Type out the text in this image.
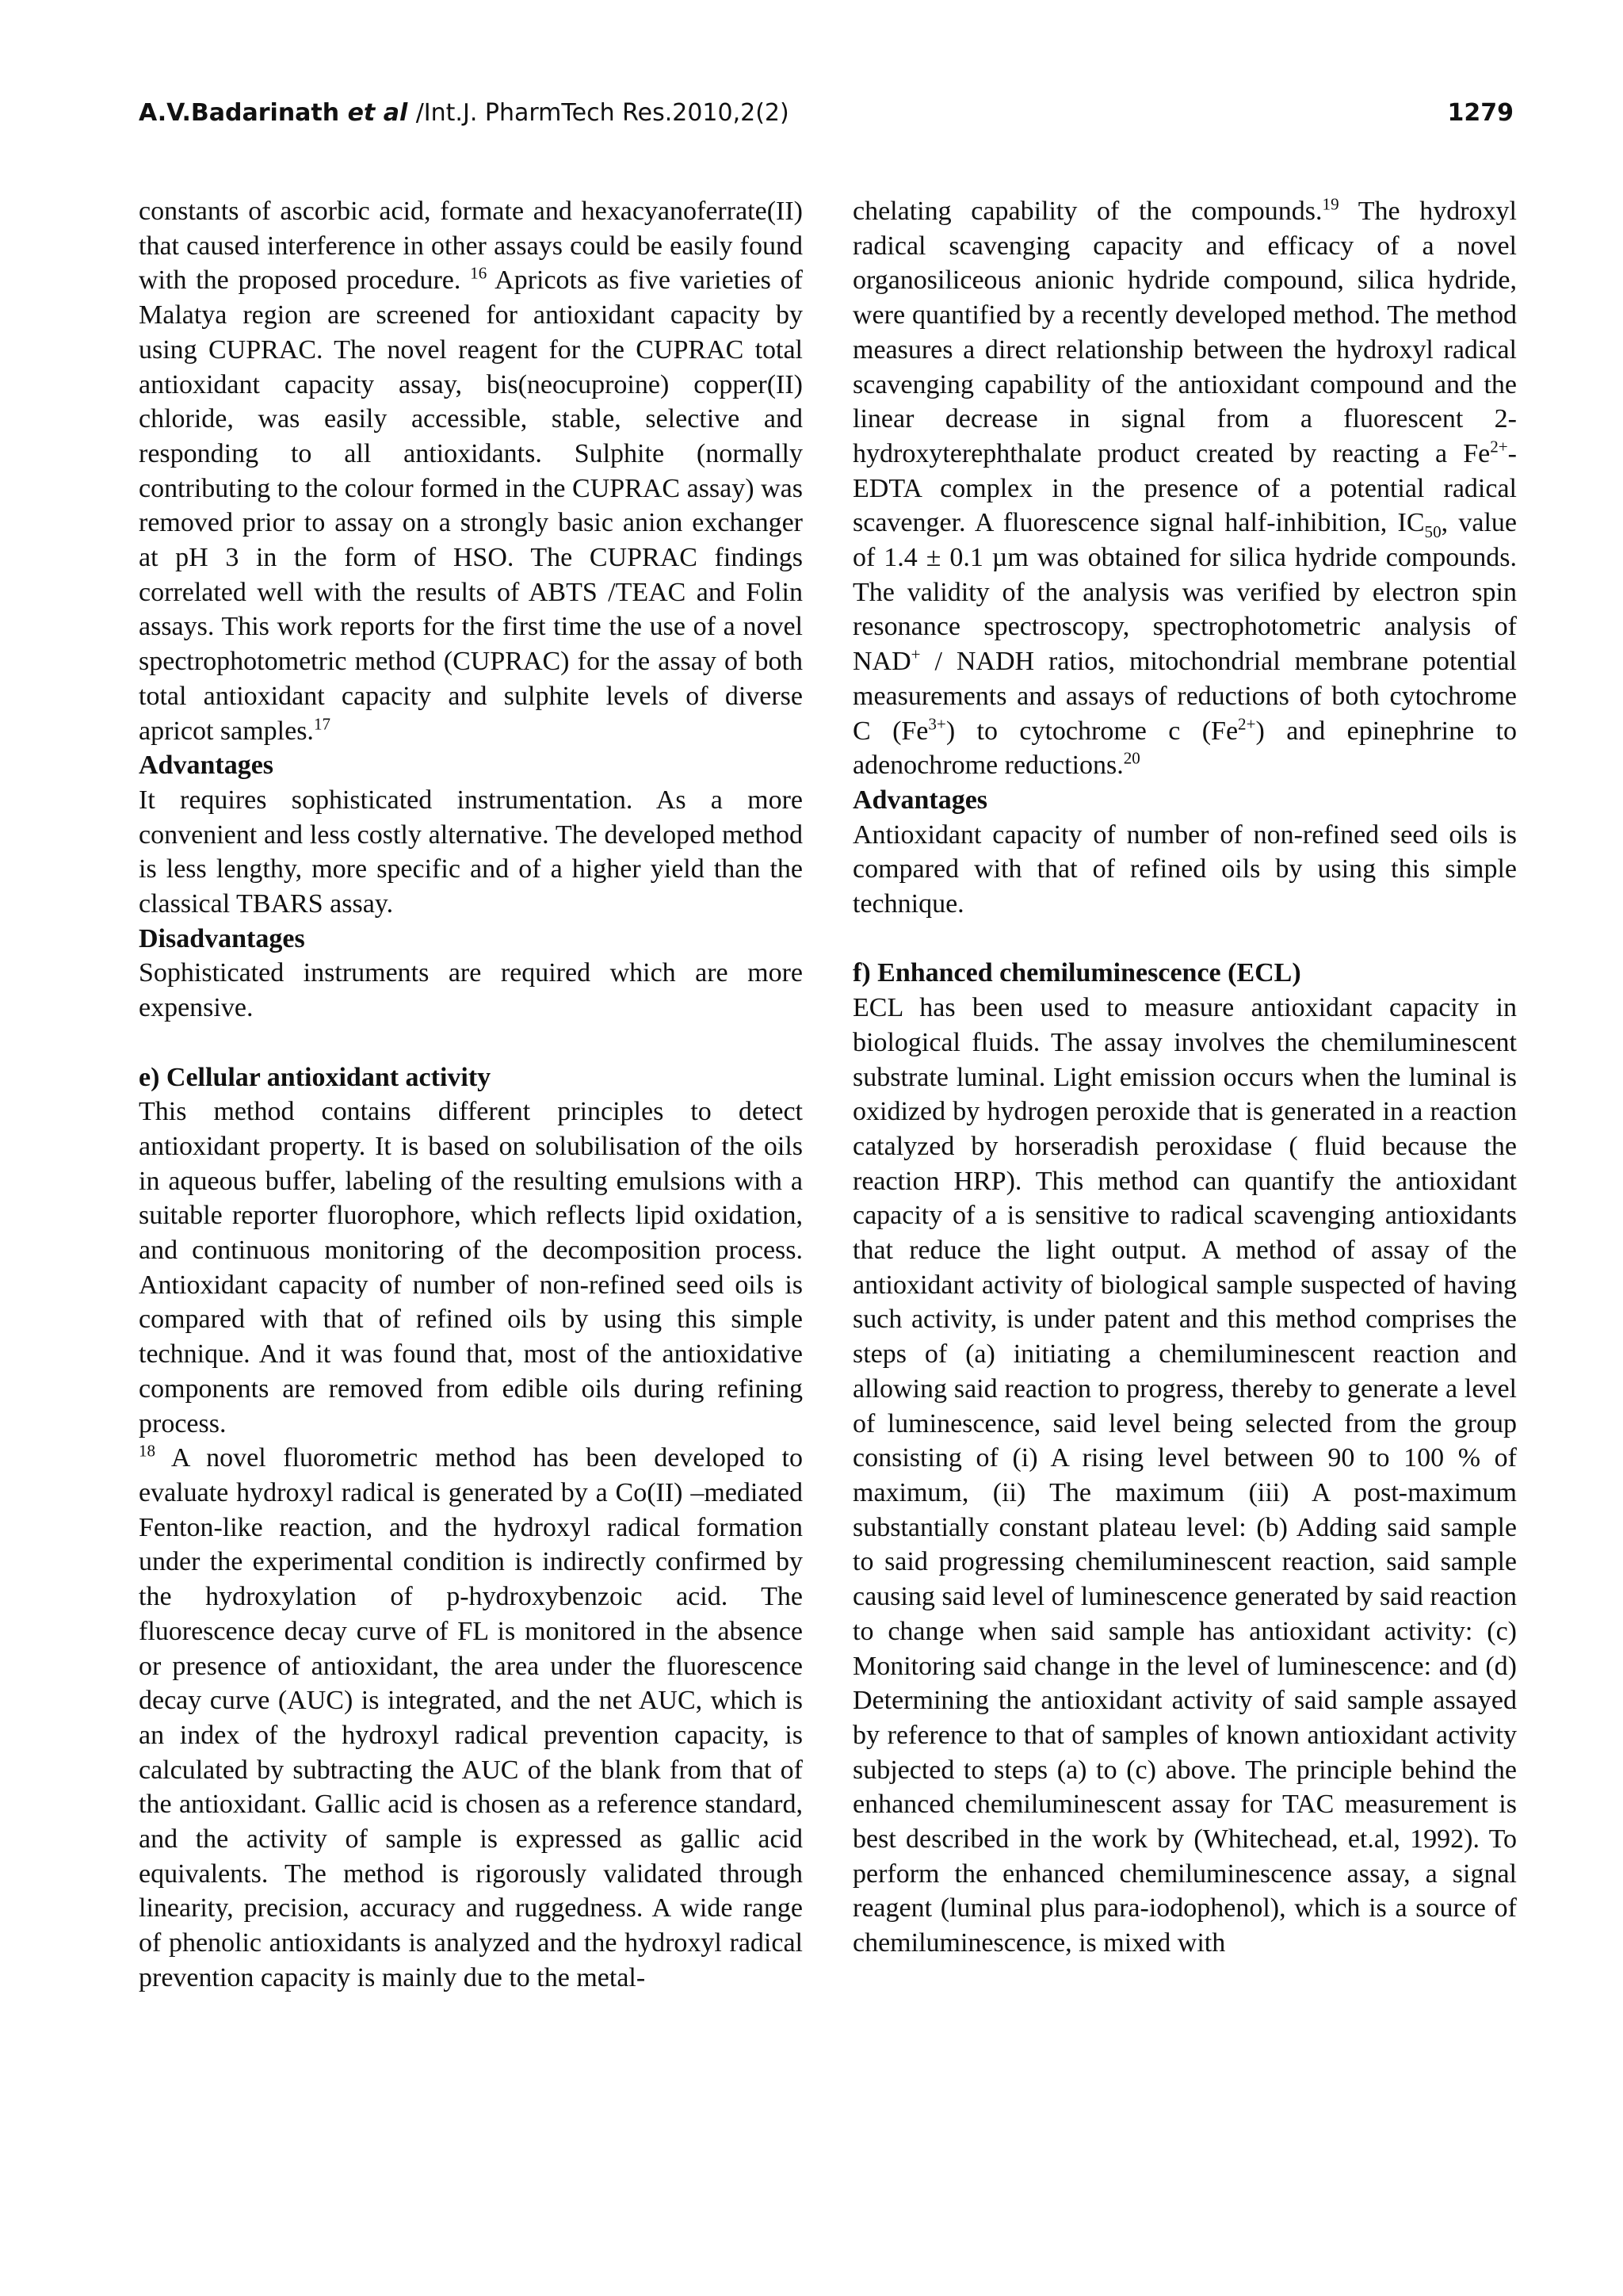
A.V.Badarinath et al /Int.J. PharmTech Res.2010,2(2)	1279

constants of ascorbic acid, formate and hexacyanoferrate(II) that caused interference in other assays could be easily found with the proposed procedure. $^{16}$ Apricots as five varieties of Malatya region are screened for antioxidant capacity by using CUPRAC. The novel reagent for the CUPRAC total antioxidant capacity assay, bis(neocuproine) copper(II) chloride, was easily accessible, stable, selective and responding to all antioxidants. Sulphite (normally contributing to the colour formed in the CUPRAC assay) was removed prior to assay on a strongly basic anion exchanger at pH 3 in the form of HSO. The CUPRAC findings correlated well with the results of ABTS /TEAC and Folin assays. This work reports for the first time the use of a novel spectrophotometric method (CUPRAC) for the assay of both total antioxidant capacity and sulphite levels of diverse apricot samples.$^{17}$

Advantages

It requires sophisticated instrumentation. As a more convenient and less costly alternative. The developed method is less lengthy, more specific and of a higher yield than the classical TBARS assay.

Disadvantages

Sophisticated instruments are required which are more expensive.

e) Cellular antioxidant activity

This method contains different principles to detect antioxidant property. It is based on solubilisation of the oils in aqueous buffer, labeling of the resulting emulsions with a suitable reporter fluorophore, which reflects lipid oxidation, and continuous monitoring of the decomposition process. Antioxidant capacity of number of non-refined seed oils is compared with that of refined oils by using this simple technique. And it was found that, most of the antioxidative components are removed from edible oils during refining process.
$^{18}$ A novel fluorometric method has been developed to evaluate hydroxyl radical is generated by a Co(II) –mediated Fenton-like reaction, and the hydroxyl radical formation under the experimental condition is indirectly confirmed by the hydroxylation of p-hydroxybenzoic acid. The fluorescence decay curve of FL is monitored in the absence or presence of antioxidant, the area under the fluorescence decay curve (AUC) is integrated, and the net AUC, which is an index of the hydroxyl radical prevention capacity, is calculated by subtracting the AUC of the blank from that of the antioxidant. Gallic acid is chosen as a reference standard, and the activity of sample is expressed as gallic acid equivalents. The method is rigorously validated through linearity, precision, accuracy and ruggedness. A wide range of phenolic antioxidants is analyzed and the hydroxyl radical prevention capacity is mainly due to the metal-

chelating capability of the compounds.$^{19}$ The hydroxyl radical scavenging capacity and efficacy of a novel organosiliceous anionic hydride compound, silica hydride, were quantified by a recently developed method. The method measures a direct relationship between the hydroxyl radical scavenging capability of the antioxidant compound and the linear decrease in signal from a fluorescent 2-hydroxyterephthalate product created by reacting a $Fe^{2+}$-EDTA complex in the presence of a potential radical scavenger. A fluorescence signal half-inhibition, $IC_{50}$, value of 1.4 ± 0.1 µm was obtained for silica hydride compounds. The validity of the analysis was verified by electron spin resonance spectroscopy, spectrophotometric analysis of NAD+ / NADH ratios, mitochondrial membrane potential measurements and assays of reductions of both cytochrome C $(Fe^{3+})$ to cytochrome c $(Fe^{2+})$ and epinephrine to adenochrome reductions.$^{20}$

Advantages

Antioxidant capacity of number of non-refined seed oils is compared with that of refined oils by using this simple technique.

f) Enhanced chemiluminescence (ECL)

ECL has been used to measure antioxidant capacity in biological fluids. The assay involves the chemiluminescent substrate luminal. Light emission occurs when the luminal is oxidized by hydrogen peroxide that is generated in a reaction catalyzed by horseradish peroxidase ( fluid because the reaction HRP). This method can quantify the antioxidant capacity of a is sensitive to radical scavenging antioxidants that reduce the light output. A method of assay of the antioxidant activity of biological sample suspected of having such activity, is under patent and this method comprises the steps of (a) initiating a chemiluminescent reaction and allowing said reaction to progress, thereby to generate a level of luminescence, said level being selected from the group consisting of (i) A rising level between 90 to 100 % of maximum, (ii) The maximum (iii) A post-maximum substantially constant plateau level: (b) Adding said sample to said progressing chemiluminescent reaction, said sample causing said level of luminescence generated by said reaction to change when said sample has antioxidant activity: (c) Monitoring said change in the level of luminescence: and (d) Determining the antioxidant activity of said sample assayed by reference to that of samples of known antioxidant activity subjected to steps (a) to (c) above. The principle behind the enhanced chemiluminescent assay for TAC measurement is best described in the work by (Whitechead, et.al, 1992). To perform the enhanced chemiluminescence assay, a signal reagent (luminal plus para-iodophenol), which is a source of chemiluminescence, is mixed with
